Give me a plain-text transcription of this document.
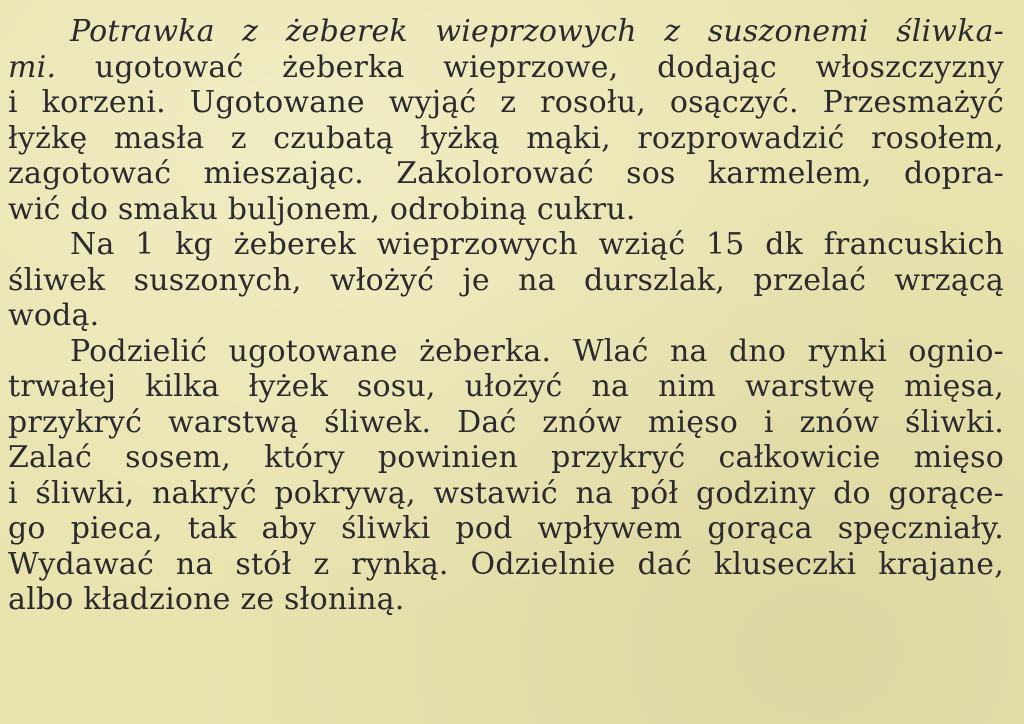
Potrawka z żeberek wieprzowych z suszonemi śliwka-
mi. ugotować żeberka wieprzowe, dodając włoszczyzny
i korzeni. Ugotowane wyjąć z rosołu, osączyć. Przesmażyć
łyżkę masła z czubatą łyżką mąki, rozprowadzić rosołem,
zagotować mieszając. Zakolorować sos karmelem, dopra-
wić do smaku buljonem, odrobiną cukru.
Na 1 kg żeberek wieprzowych wziąć 15 dk francuskich
śliwek suszonych, włożyć je na durszlak, przelać wrzącą
wodą.
Podzielić ugotowane żeberka. Wlać na dno rynki ognio-
trwałej kilka łyżek sosu, ułożyć na nim warstwę mięsa,
przykryć warstwą śliwek. Dać znów mięso i znów śliwki.
Zalać sosem, który powinien przykryć całkowicie mięso
i śliwki, nakryć pokrywą, wstawić na pół godziny do gorące-
go pieca, tak aby śliwki pod wpływem gorąca spęczniały.
Wydawać na stół z rynką. Odzielnie dać kluseczki krajane,
albo kładzione ze słoniną.
